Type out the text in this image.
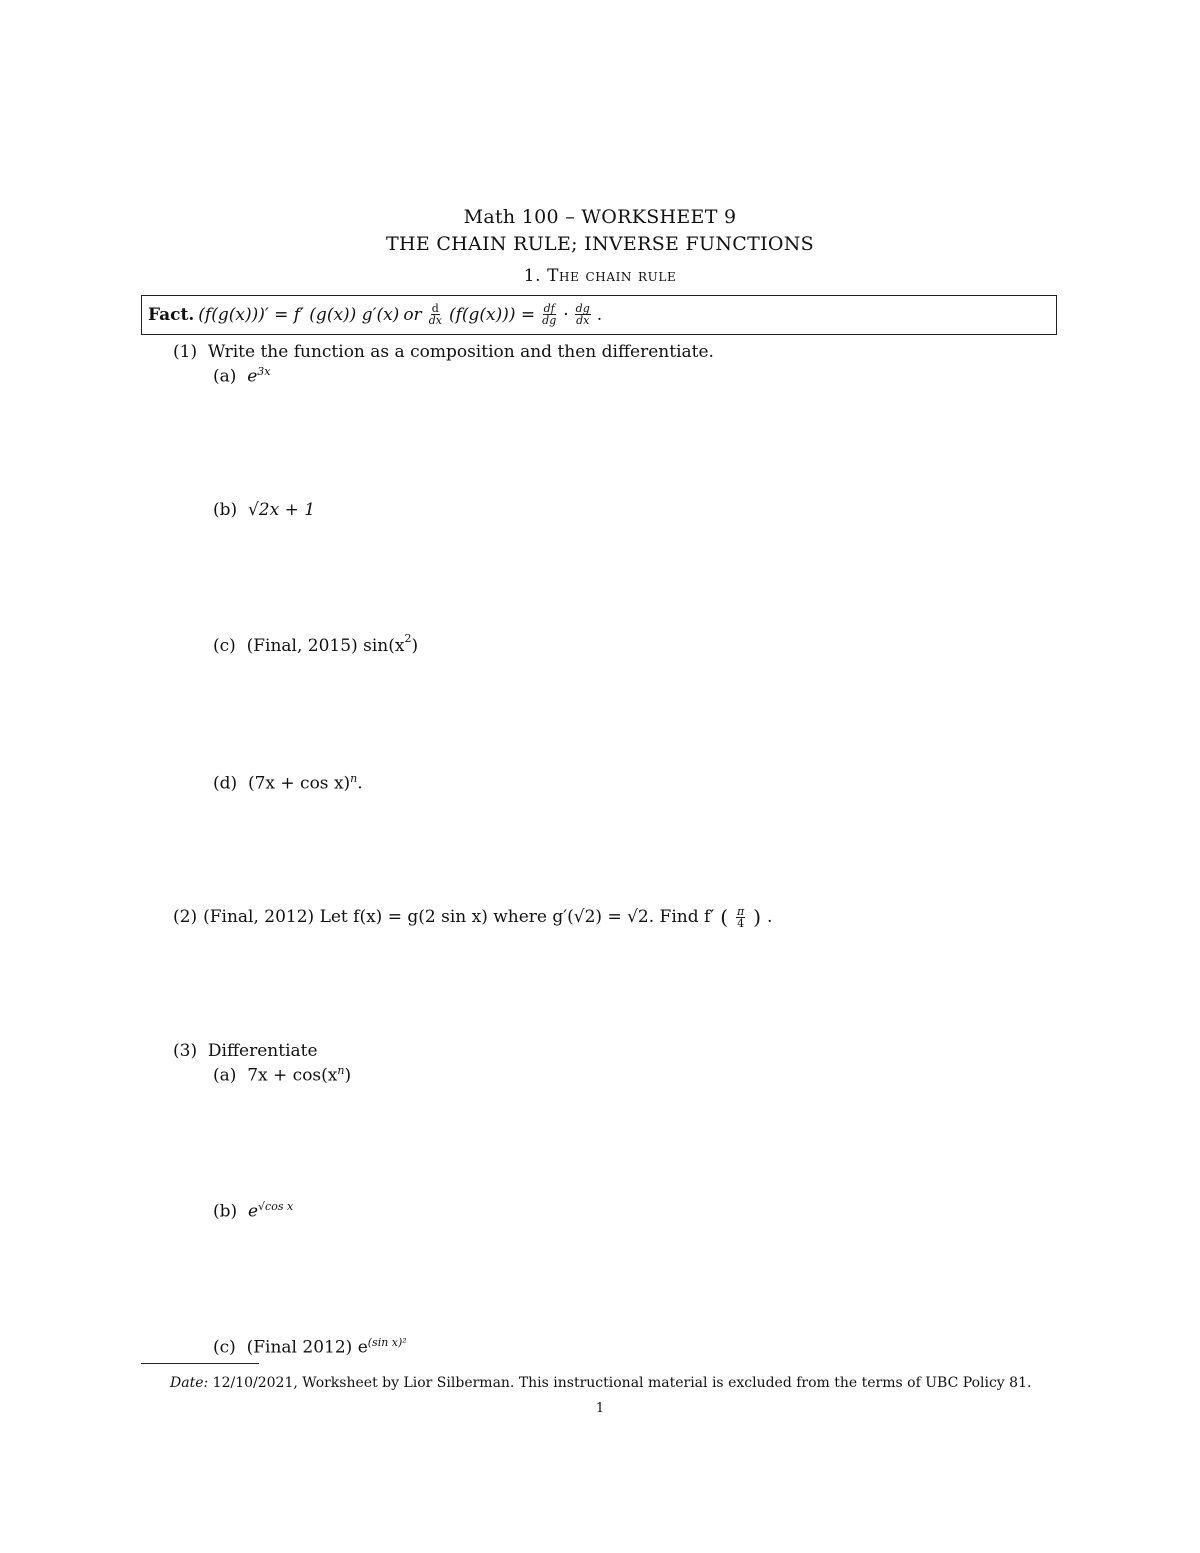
Math 100 – WORKSHEET 9
THE CHAIN RULE; INVERSE FUNCTIONS
1. The chain rule
Fact. (f(g(x)))′ = f′ (g(x)) g′(x) or $\frac{d}{dx} (f(g(x))) = \frac{df}{dg} \cdot \frac{dg}{dx}$ .
(1) Write the function as a composition and then differentiate.
(a) $e^{3x}$
(b) √2x + 1
(c) (Final, 2015) $\sin(x^2)$
(d) $(7x + \cos x)^n$.
(2) (Final, 2012) Let f(x) = g(2 sin x) where g′(√2) = √2. Find f′ ( $\frac{\pi}{4}$ ) .
(3) Differentiate
(a) $7x + \cos(x^n)$
(b) $e^{√cos x}$
(c) (Final 2012) $e^{(sin x)^2}$
Date: 12/10/2021, Worksheet by Lior Silberman. This instructional material is excluded from the terms of UBC Policy 81.
1
